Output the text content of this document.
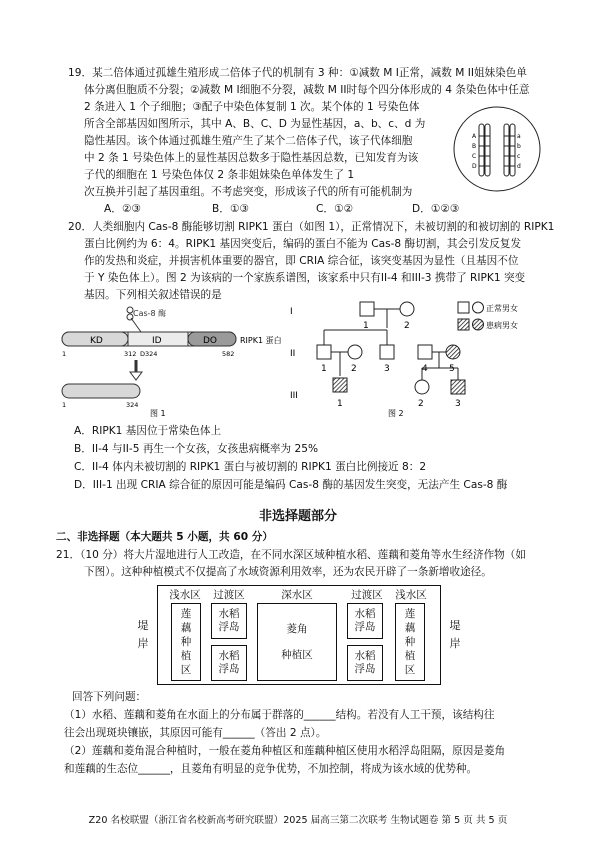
19．某二倍体通过孤雄生殖形成二倍体子代的机制有 3 种：①减数 M I正常，减数 M II姐妹染色单
体分离但胞质不分裂；②减数 M I细胞不分裂，减数 M II时每个四分体形成的 4 条染色体中任意
2 条进入 1 个子细胞；③配子中染色体复制 1 次。某个体的 1 号染色体
所含全部基因如图所示，其中 A、B、C、D 为显性基因，a、b、c、d 为
隐性基因。该个体通过孤雄生殖产生了某个二倍体子代，该子代体细胞
中 2 条 1 号染色体上的显性基因总数多于隐性基因总数，已知发育为该
子代的细胞在 1 号染色体仅 2 条非姐妹染色单体发生了 1
次互换并引起了基因重组。不考虑突变，形成该子代的所有可能机制为
A．②③	B．①③	C．①②	D．①②③
A
B
C
D
a
b
c
d
20．人类细胞内 Cas-8 酶能够切割 RIPK1 蛋白（如图 1），正常情况下，未被切割的和被切割的 RIPK1
蛋白比例约为 6：4。RIPK1 基因突变后，编码的蛋白不能为 Cas-8 酶切割，其会引发反复发
作的发热和炎症，并损害机体重要的器官，即 CRIA 综合征，该突变基因为显性（且基因不位
于 Y 染色体上）。图 2 为该病的一个家族系谱图，该家系中只有II-4 和III-3 携带了 RIPK1 突变
基因。下列相关叙述错误的是
Cas-8 酶
KD	ID	DO	RIPK1 蛋白
1	312 D324	582
1	324
图 1
I
II
III
1	2
1	2	3	4 5
1	2	3
图 2
正常男女
患病男女
A．RIPK1 基因位于常染色体上
B．II-4 与II-5 再生一个女孩，女孩患病概率为 25%
C．II-4 体内未被切割的 RIPK1 蛋白与被切割的 RIPK1 蛋白比例接近 8：2
D．III-1 出现 CRIA 综合征的原因可能是编码 Cas-8 酶的基因发生突变，无法产生 Cas-8 酶
非选择题部分
二、非选择题（本大题共 5 小题，共 60 分）
21．（10 分）将大片湿地进行人工改造，在不同水深区域种植水稻、莲藕和菱角等水生经济作物（如
下图）。这种种植模式不仅提高了水域资源利用效率，还为农民开辟了一条新增收途径。
堤
岸
浅水区	过渡区	深水区	过渡区	浅水区
莲
藕
种
植
区
水稻
浮岛
水稻
浮岛
菱角
种植区
水稻
浮岛
水稻
浮岛
莲
藕
种
植
区
堤
岸
回答下列问题：
（1）水稻、莲藕和菱角在水面上的分布属于群落的______结构。若没有人工干预，该结构往
往会出现斑块镶嵌，其原因可能有______（答出 2 点）。
（2）莲藕和菱角混合种植时，一般在菱角种植区和莲藕种植区使用水稻浮岛阻隔，原因是菱角
和莲藕的生态位______，且菱角有明显的竞争优势，不加控制，将成为该水域的优势种。
Z20 名校联盟（浙江省名校新高考研究联盟）2025 届高三第二次联考 生物试题卷 第 5 页 共 5 页
